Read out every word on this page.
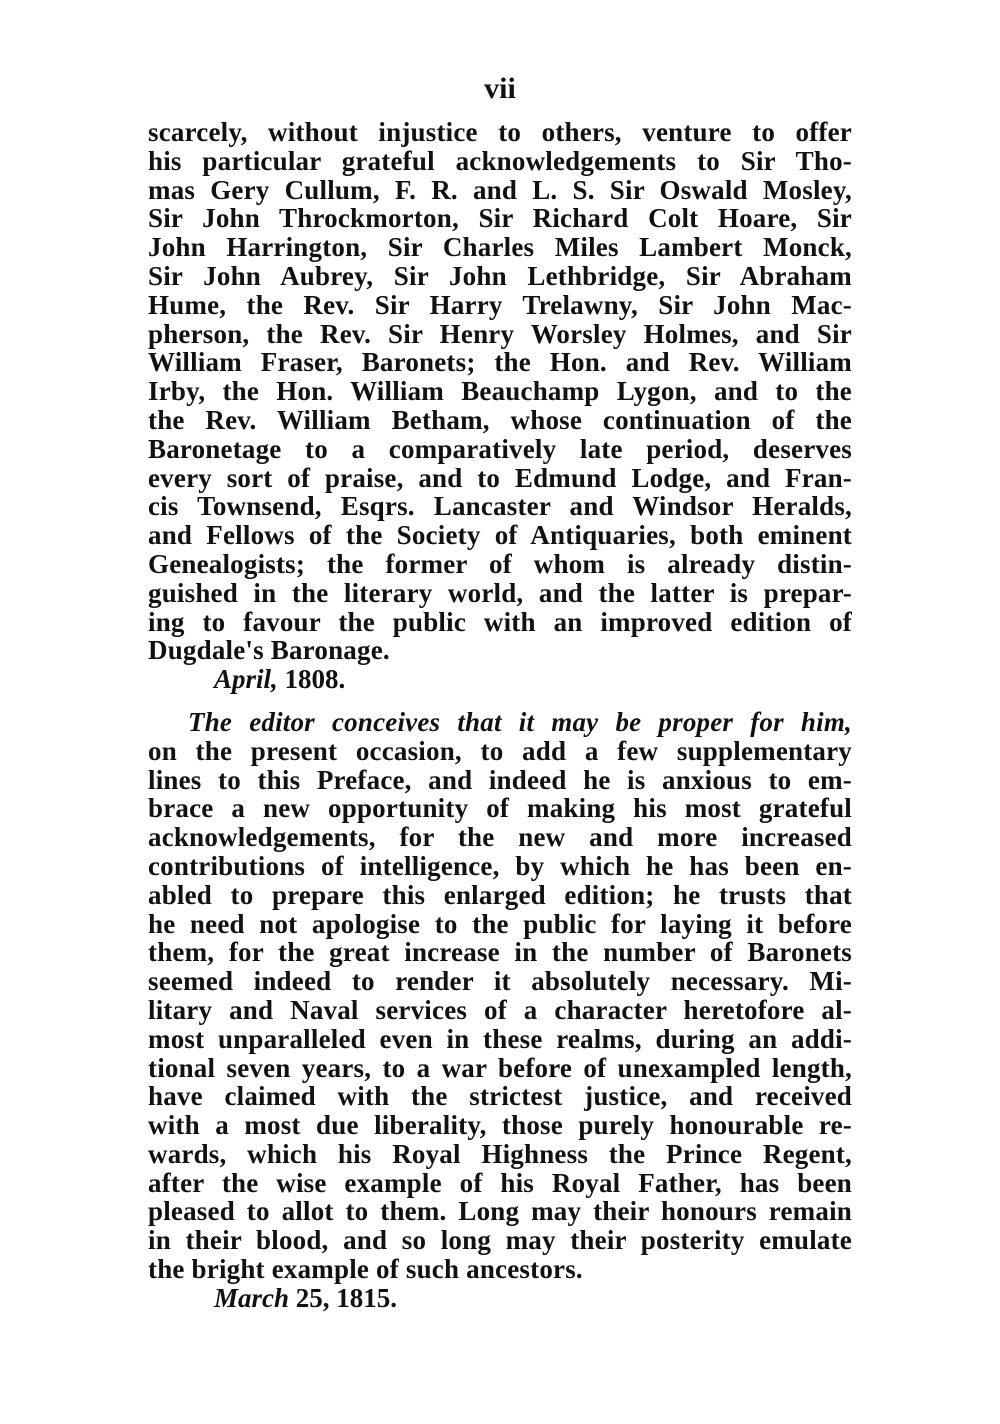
vii
scarcely, without injustice to others, venture to offer
his particular grateful acknowledgements to Sir Tho-
mas Gery Cullum, F. R. and L. S. Sir Oswald Mosley,
Sir John Throckmorton, Sir Richard Colt Hoare, Sir
John Harrington, Sir Charles Miles Lambert Monck,
Sir John Aubrey, Sir John Lethbridge, Sir Abraham
Hume, the Rev. Sir Harry Trelawny, Sir John Mac-
pherson, the Rev. Sir Henry Worsley Holmes, and Sir
William Fraser, Baronets; the Hon. and Rev. William
Irby, the Hon. William Beauchamp Lygon, and to the
the Rev. William Betham, whose continuation of the
Baronetage to a comparatively late period, deserves
every sort of praise, and to Edmund Lodge, and Fran-
cis Townsend, Esqrs. Lancaster and Windsor Heralds,
and Fellows of the Society of Antiquaries, both eminent
Genealogists; the former of whom is already distin-
guished in the literary world, and the latter is prepar-
ing to favour the public with an improved edition of
Dugdale's Baronage.
April, 1808.
The editor conceives that it may be proper for him,
on the present occasion, to add a few supplementary
lines to this Preface, and indeed he is anxious to em-
brace a new opportunity of making his most grateful
acknowledgements, for the new and more increased
contributions of intelligence, by which he has been en-
abled to prepare this enlarged edition; he trusts that
he need not apologise to the public for laying it before
them, for the great increase in the number of Baronets
seemed indeed to render it absolutely necessary. Mi-
litary and Naval services of a character heretofore al-
most unparalleled even in these realms, during an addi-
tional seven years, to a war before of unexampled length,
have claimed with the strictest justice, and received
with a most due liberality, those purely honourable re-
wards, which his Royal Highness the Prince Regent,
after the wise example of his Royal Father, has been
pleased to allot to them. Long may their honours remain
in their blood, and so long may their posterity emulate
the bright example of such ancestors.
March 25, 1815.
